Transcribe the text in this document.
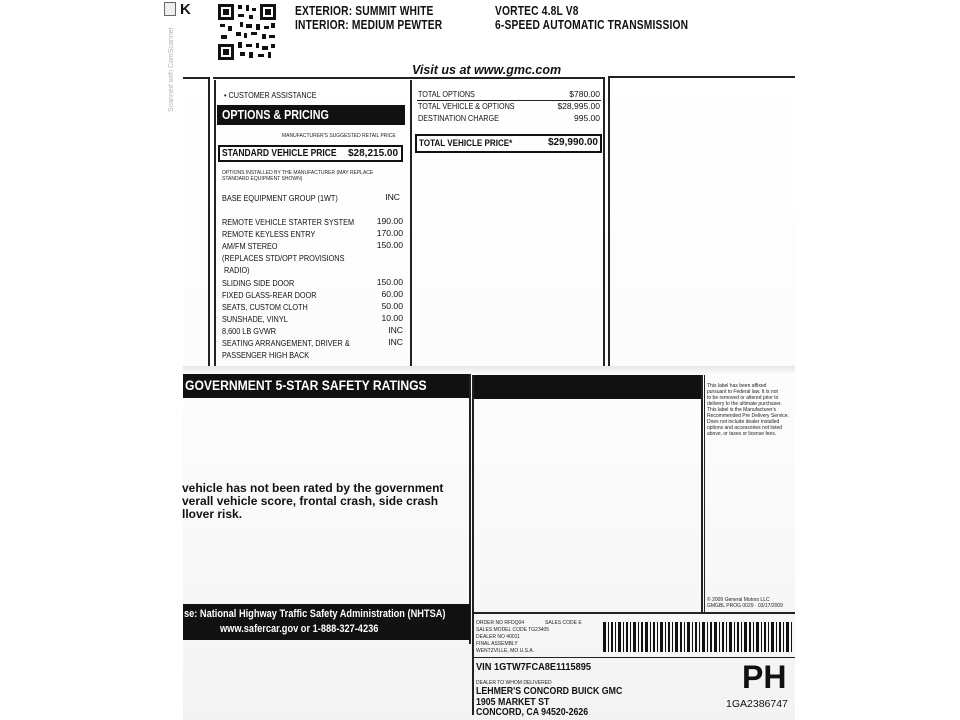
K
Scanned with CamScanner
EXTERIOR: SUMMIT WHITE
INTERIOR: MEDIUM PEWTER
VORTEC 4.8L V8
6-SPEED AUTOMATIC TRANSMISSION
Visit us at www.gmc.com
• CUSTOMER ASSISTANCE
OPTIONS & PRICING
MANUFACTURER'S SUGGESTED RETAIL PRICE
STANDARD VEHICLE PRICE $28,215.00
OPTIONS INSTALLED BY THE MANUFACTURER (MAY REPLACE
STANDARD EQUIPMENT SHOWN)
BASE EQUIPMENT GROUP (1WT)	INC
REMOTE VEHICLE STARTER SYSTEM	190.00
REMOTE KEYLESS ENTRY	170.00
AM/FM STEREO	150.00
(REPLACES STD/OPT PROVISIONS
RADIO)
SLIDING SIDE DOOR	150.00
FIXED GLASS-REAR DOOR	60.00
SEATS, CUSTOM CLOTH	50.00
SUNSHADE, VINYL	10.00
8,600 LB GVWR	INC
SEATING ARRANGEMENT, DRIVER &	INC
PASSENGER HIGH BACK
TOTAL OPTIONS	$780.00
TOTAL VEHICLE & OPTIONS	$28,995.00
DESTINATION CHARGE	995.00
TOTAL VEHICLE PRICE*	$29,990.00
GOVERNMENT 5-STAR SAFETY RATINGS
vehicle has not been rated by the government
verall vehicle score, frontal crash, side crash
llover risk.
se: National Highway Traffic Safety Administration (NHTSA)
www.safercar.gov or 1-888-327-4236
This label has been affixed
pursuant to Federal law. It is not
to be removed or altered prior to
delivery to the ultimate purchaser.
This label is the Manufacturer's
Recommended Pre Delivery Service.
Does not include dealer installed
options and accessories not listed
above, or taxes or license fees.
© 2009 General Motors LLC
GMGBL PROG 0029 · 03/17/2009
ORDER NO RFDQ04	SALES CODE E
SALES MODEL CODE TG23405
DEALER NO 40011
FINAL ASSEMBLY
WENTZVILLE, MO U.S.A.
VIN 1GTW7FCA8E1115895
DEALER TO WHOM DELIVERED
LEHMER'S CONCORD BUICK GMC
1905 MARKET ST
CONCORD, CA 94520-2626
PH
1GA2386747
